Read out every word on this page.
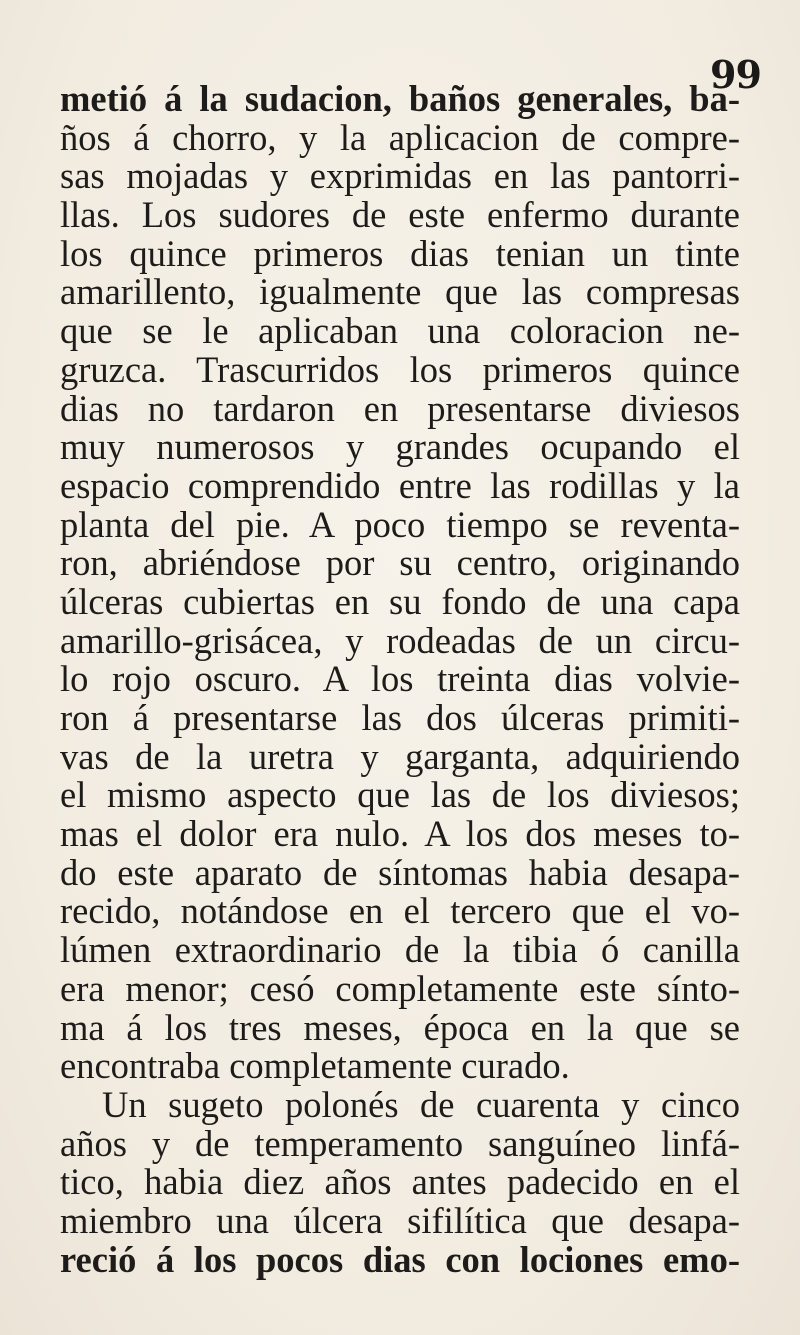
99
metió á la sudacion, baños generales, ba-
ños á chorro, y la aplicacion de compre-
sas mojadas y exprimidas en las pantorri-
llas. Los sudores de este enfermo durante
los quince primeros dias tenian un tinte
amarillento, igualmente que las compresas
que se le aplicaban una coloracion ne-
gruzca. Trascurridos los primeros quince
dias no tardaron en presentarse diviesos
muy numerosos y grandes ocupando el
espacio comprendido entre las rodillas y la
planta del pie. A poco tiempo se reventa-
ron, abriéndose por su centro, originando
úlceras cubiertas en su fondo de una capa
amarillo-grisácea, y rodeadas de un circu-
lo rojo oscuro. A los treinta dias volvie-
ron á presentarse las dos úlceras primiti-
vas de la uretra y garganta, adquiriendo
el mismo aspecto que las de los diviesos;
mas el dolor era nulo. A los dos meses to-
do este aparato de síntomas habia desapa-
recido, notándose en el tercero que el vo-
lúmen extraordinario de la tibia ó canilla
era menor; cesó completamente este sínto-
ma á los tres meses, época en la que se
encontraba completamente curado.
Un sugeto polonés de cuarenta y cinco
años y de temperamento sanguíneo linfá-
tico, habia diez años antes padecido en el
miembro una úlcera sifilítica que desapa-
reció á los pocos dias con lociones emo-
